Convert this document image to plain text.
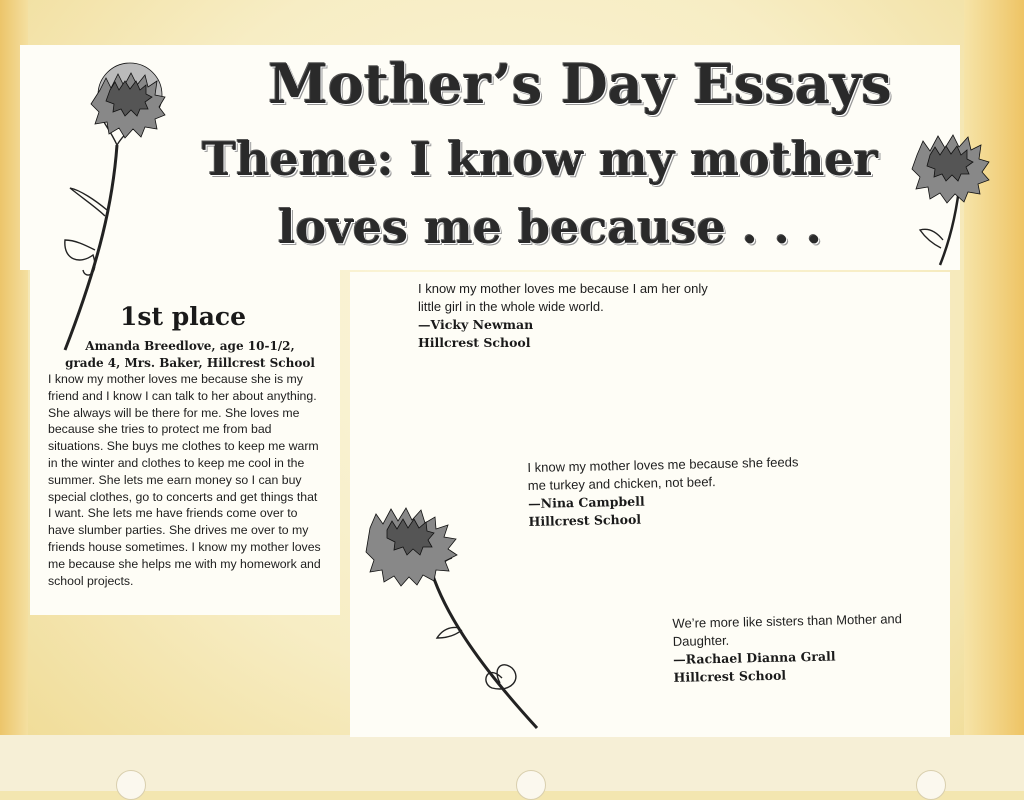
Mother’s Day Essays
Theme: I know my mother
loves me because . . .
1st place
Amanda Breedlove, age 10-1/2,
grade 4, Mrs. Baker, Hillcrest School
I know my mother loves me because she is my friend and I know I can talk to her about anything. She always will be there for me. She loves me because she tries to protect me from bad situations. She buys me clothes to keep me warm in the winter and clothes to keep me cool in the summer. She lets me earn money so I can buy special clothes, go to concerts and get things that I want. She lets me have friends come over to have slumber parties. She drives me over to my friends house sometimes. I know my mother loves me because she helps me with my homework and school projects.
I know my mother loves me because I am her only little girl in the whole wide world.
—Vicky Newman
Hillcrest School
I know my mother loves me because she feeds me turkey and chicken, not beef.
—Nina Campbell
Hillcrest School
We’re more like sisters than Mother and Daughter.
—Rachael Dianna Grall
Hillcrest School
